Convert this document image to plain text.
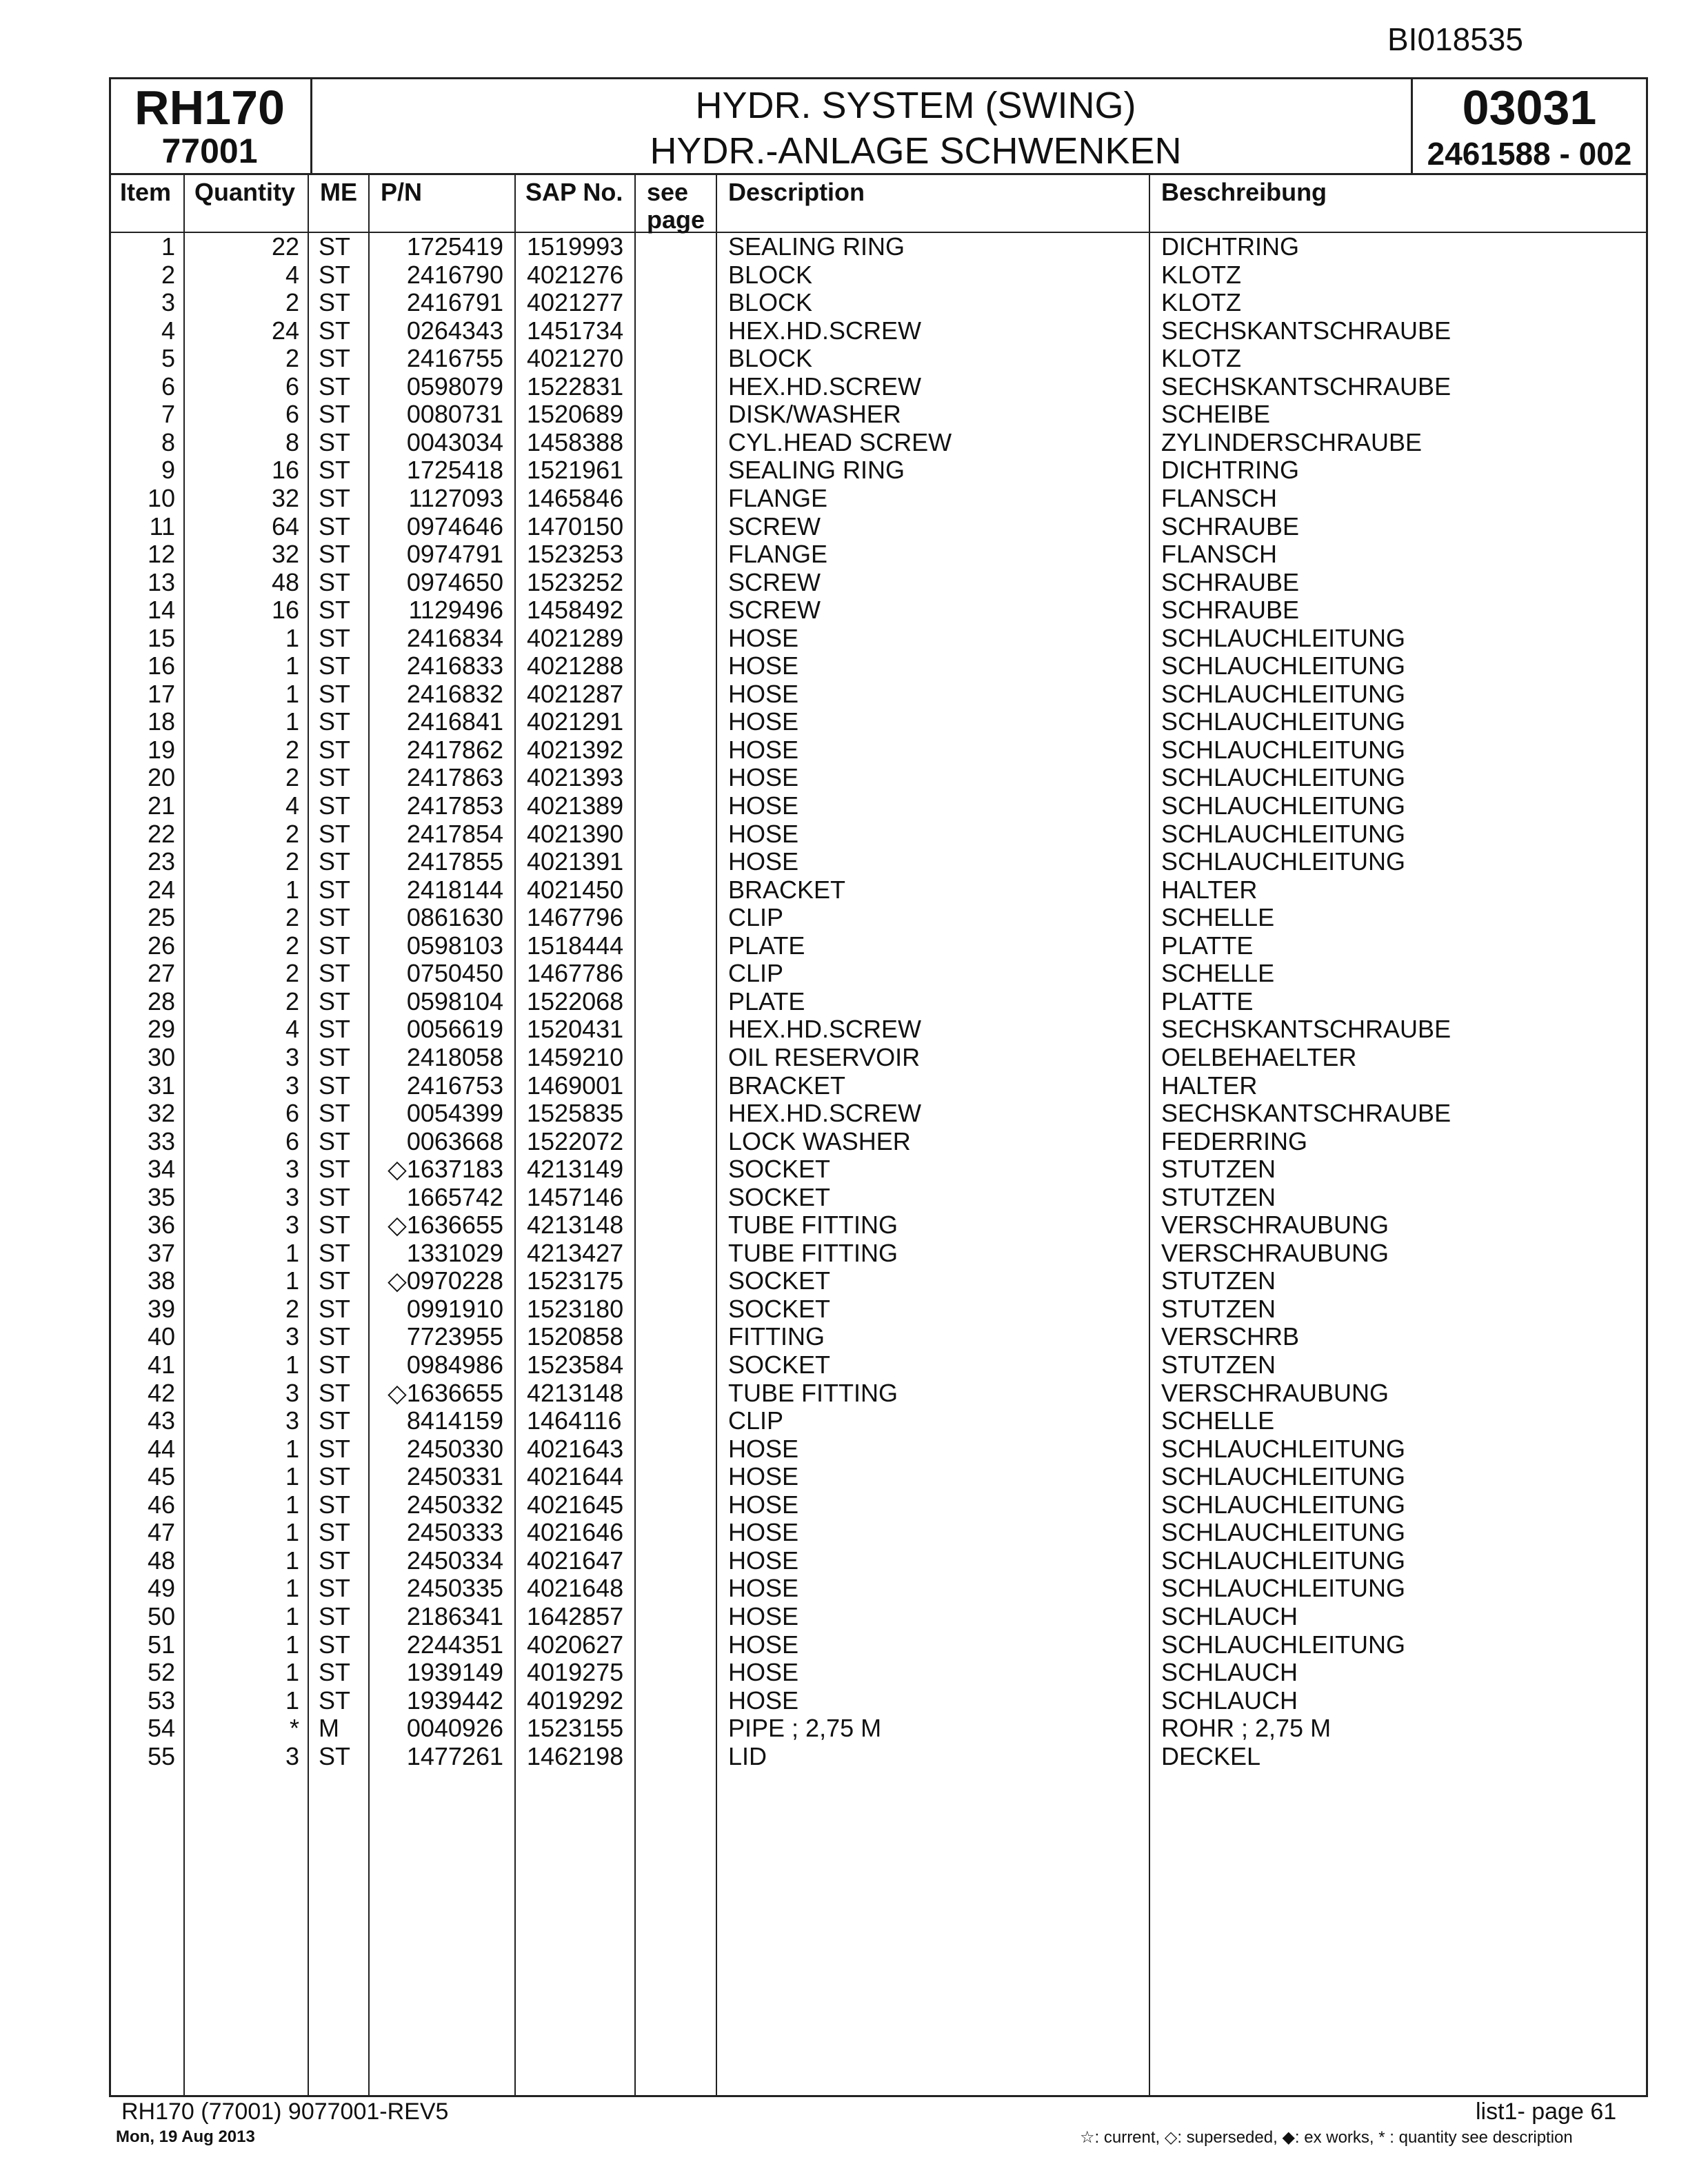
BI018535
RH170
77001
HYDR. SYSTEM (SWING)
HYDR.-ANLAGE SCHWENKEN
03031
2461588 - 002
Item Quantity ME P/N	SAP No. see
page
Description	Beschreibung
1	22 ST	1725419 1519993	SEALING RING	DICHTRING
2	4 ST	2416790 4021276	BLOCK	KLOTZ
3	2 ST	2416791 4021277	BLOCK	KLOTZ
4	24 ST	0264343 1451734	HEX.HD.SCREW	SECHSKANTSCHRAUBE
5	2 ST	2416755 4021270	BLOCK	KLOTZ
6	6 ST	0598079 1522831	HEX.HD.SCREW	SECHSKANTSCHRAUBE
7	6 ST	0080731 1520689	DISK/WASHER	SCHEIBE
8	8 ST	0043034 1458388	CYL.HEAD SCREW	ZYLINDERSCHRAUBE
9	16 ST	1725418 1521961	SEALING RING	DICHTRING
10	32 ST	1127093 1465846	FLANGE	FLANSCH
11	64 ST	0974646 1470150	SCREW	SCHRAUBE
12	32 ST	0974791 1523253	FLANGE	FLANSCH
13	48 ST	0974650 1523252	SCREW	SCHRAUBE
14	16 ST	1129496 1458492	SCREW	SCHRAUBE
15	1 ST	2416834 4021289	HOSE	SCHLAUCHLEITUNG
16	1 ST	2416833 4021288	HOSE	SCHLAUCHLEITUNG
17	1 ST	2416832 4021287	HOSE	SCHLAUCHLEITUNG
18	1 ST	2416841 4021291	HOSE	SCHLAUCHLEITUNG
19	2 ST	2417862 4021392	HOSE	SCHLAUCHLEITUNG
20	2 ST	2417863 4021393	HOSE	SCHLAUCHLEITUNG
21	4 ST	2417853 4021389	HOSE	SCHLAUCHLEITUNG
22	2 ST	2417854 4021390	HOSE	SCHLAUCHLEITUNG
23	2 ST	2417855 4021391	HOSE	SCHLAUCHLEITUNG
24	1 ST	2418144 4021450	BRACKET	HALTER
25	2 ST	0861630 1467796	CLIP	SCHELLE
26	2 ST	0598103 1518444	PLATE	PLATTE
27	2 ST	0750450 1467786	CLIP	SCHELLE
28	2 ST	0598104 1522068	PLATE	PLATTE
29	4 ST	0056619 1520431	HEX.HD.SCREW	SECHSKANTSCHRAUBE
30	3 ST	2418058 1459210	OIL RESERVOIR	OELBEHAELTER
31	3 ST	2416753 1469001	BRACKET	HALTER
32	6 ST	0054399 1525835	HEX.HD.SCREW	SECHSKANTSCHRAUBE
33	6 ST	0063668 1522072	LOCK WASHER	FEDERRING
34	3 ST	◇1637183 4213149	SOCKET	STUTZEN
35	3 ST	1665742 1457146	SOCKET	STUTZEN
36	3 ST	◇1636655 4213148	TUBE FITTING	VERSCHRAUBUNG
37	1 ST	1331029 4213427	TUBE FITTING	VERSCHRAUBUNG
38	1 ST	◇0970228 1523175	SOCKET	STUTZEN
39	2 ST	0991910 1523180	SOCKET	STUTZEN
40	3 ST	7723955 1520858	FITTING	VERSCHRB
41	1 ST	0984986 1523584	SOCKET	STUTZEN
42	3 ST	◇1636655 4213148	TUBE FITTING	VERSCHRAUBUNG
43	3 ST	8414159 1464116	CLIP	SCHELLE
44	1 ST	2450330 4021643	HOSE	SCHLAUCHLEITUNG
45	1 ST	2450331 4021644	HOSE	SCHLAUCHLEITUNG
46	1 ST	2450332 4021645	HOSE	SCHLAUCHLEITUNG
47	1 ST	2450333 4021646	HOSE	SCHLAUCHLEITUNG
48	1 ST	2450334 4021647	HOSE	SCHLAUCHLEITUNG
49	1 ST	2450335 4021648	HOSE	SCHLAUCHLEITUNG
50	1 ST	2186341 1642857	HOSE	SCHLAUCH
51	1 ST	2244351 4020627	HOSE	SCHLAUCHLEITUNG
52	1 ST	1939149 4019275	HOSE	SCHLAUCH
53	1 ST	1939442 4019292	HOSE	SCHLAUCH
54	* M	0040926 1523155	PIPE ; 2,75 M	ROHR ; 2,75 M
55	3 ST	1477261 1462198	LID	DECKEL
RH170 (77001) 9077001-REV5
Mon, 19 Aug 2013
list1- page 61
☆: current, ◇: superseded, ◆: ex works, * : quantity see description
